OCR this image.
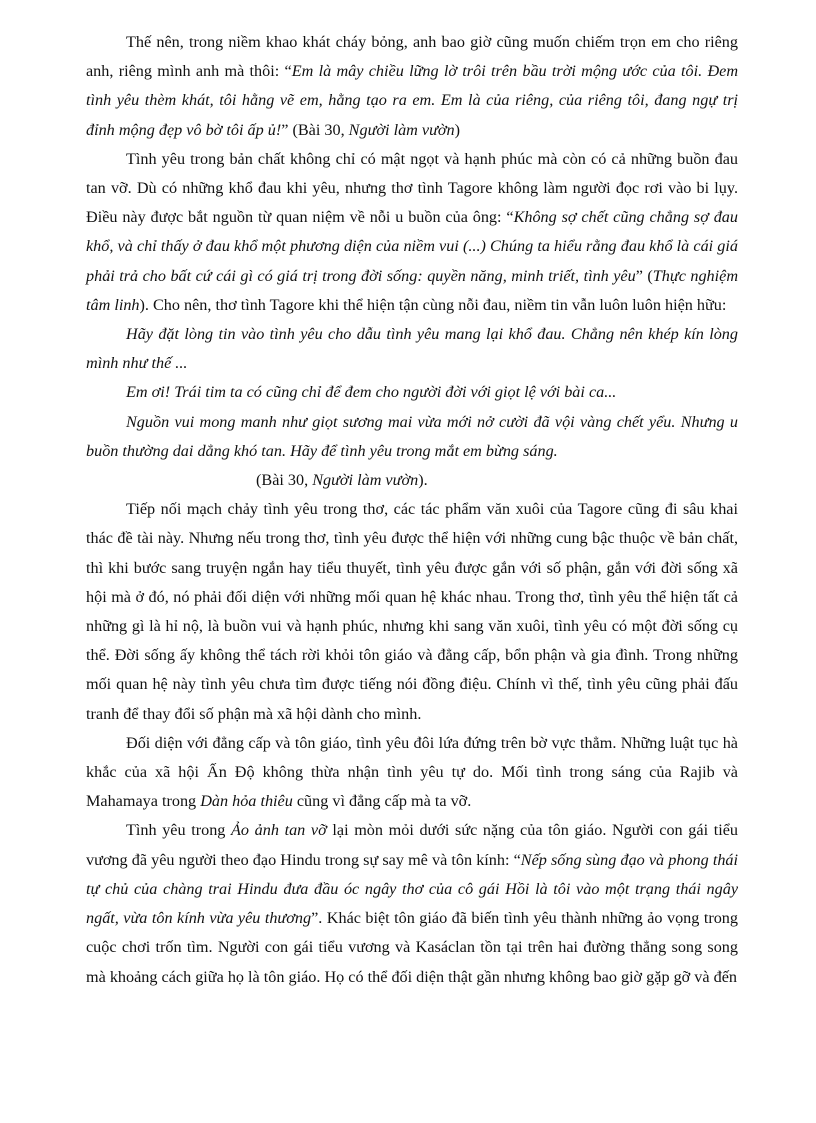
Thế nên, trong niềm khao khát cháy bỏng, anh bao giờ cũng muốn chiếm trọn em cho riêng anh, riêng mình anh mà thôi: “Em là mây chiều lững lờ trôi trên bầu trời mộng ước của tôi. Đem tình yêu thèm khát, tôi hằng vẽ em, hằng tạo ra em. Em là của riêng, của riêng tôi, đang ngự trị đỉnh mộng đẹp vô bờ tôi ấp ủ!” (Bài 30, Người làm vườn)

Tình yêu trong bản chất không chỉ có mật ngọt và hạnh phúc mà còn có cả những buồn đau tan vỡ. Dù có những khổ đau khi yêu, nhưng thơ tình Tagore không làm người đọc rơi vào bi lụy. Điều này được bắt nguồn từ quan niệm về nỗi u buồn của ông: “Không sợ chết cũng chẳng sợ đau khổ, và chỉ thấy ở đau khổ một phương diện của niềm vui (...) Chúng ta hiểu rằng đau khổ là cái giá phải trả cho bất cứ cái gì có giá trị trong đời sống: quyền năng, minh triết, tình yêu” (Thực nghiệm tâm linh). Cho nên, thơ tình Tagore khi thể hiện tận cùng nỗi đau, niềm tin vẫn luôn luôn hiện hữu:

Hãy đặt lòng tin vào tình yêu cho dẫu tình yêu mang lại khổ đau. Chẳng nên khép kín lòng mình như thế ...

Em ơi! Trái tim ta có cũng chỉ để đem cho người đời với giọt lệ với bài ca...

Nguồn vui mong manh như giọt sương mai vừa mới nở cười đã vội vàng chết yểu. Nhưng u buồn thường dai dẳng khó tan. Hãy để tình yêu trong mắt em bừng sáng.

(Bài 30, Người làm vườn).

Tiếp nối mạch chảy tình yêu trong thơ, các tác phẩm văn xuôi của Tagore cũng đi sâu khai thác đề tài này. Nhưng nếu trong thơ, tình yêu được thể hiện với những cung bậc thuộc về bản chất, thì khi bước sang truyện ngắn hay tiểu thuyết, tình yêu được gắn với số phận, gắn với đời sống xã hội mà ở đó, nó phải đối diện với những mối quan hệ khác nhau. Trong thơ, tình yêu thể hiện tất cả những gì là hỉ nộ, là buồn vui và hạnh phúc, nhưng khi sang văn xuôi, tình yêu có một đời sống cụ thể. Đời sống ấy không thể tách rời khỏi tôn giáo và đẳng cấp, bổn phận và gia đình. Trong những mối quan hệ này tình yêu chưa tìm được tiếng nói đồng điệu. Chính vì thế, tình yêu cũng phải đấu tranh để thay đổi số phận mà xã hội dành cho mình.

Đối diện với đẳng cấp và tôn giáo, tình yêu đôi lứa đứng trên bờ vực thẳm. Những luật tục hà khắc của xã hội Ấn Độ không thừa nhận tình yêu tự do. Mối tình trong sáng của Rajib và Mahamaya trong Dàn hỏa thiêu cũng vì đẳng cấp mà ta vỡ.

Tình yêu trong Ảo ảnh tan vỡ lại mòn mỏi dưới sức nặng của tôn giáo. Người con gái tiểu vương đã yêu người theo đạo Hindu trong sự say mê và tôn kính: “Nếp sống sùng đạo và phong thái tự chủ của chàng trai Hindu đưa đầu óc ngây thơ của cô gái Hồi là tôi vào một trạng thái ngây ngất, vừa tôn kính vừa yêu thương”. Khác biệt tôn giáo đã biến tình yêu thành những ảo vọng trong cuộc chơi trốn tìm. Người con gái tiểu vương và Kasáclan tồn tại trên hai đường thẳng song song mà khoảng cách giữa họ là tôn giáo. Họ có thể đối diện thật gần nhưng không bao giờ gặp gỡ và đến
